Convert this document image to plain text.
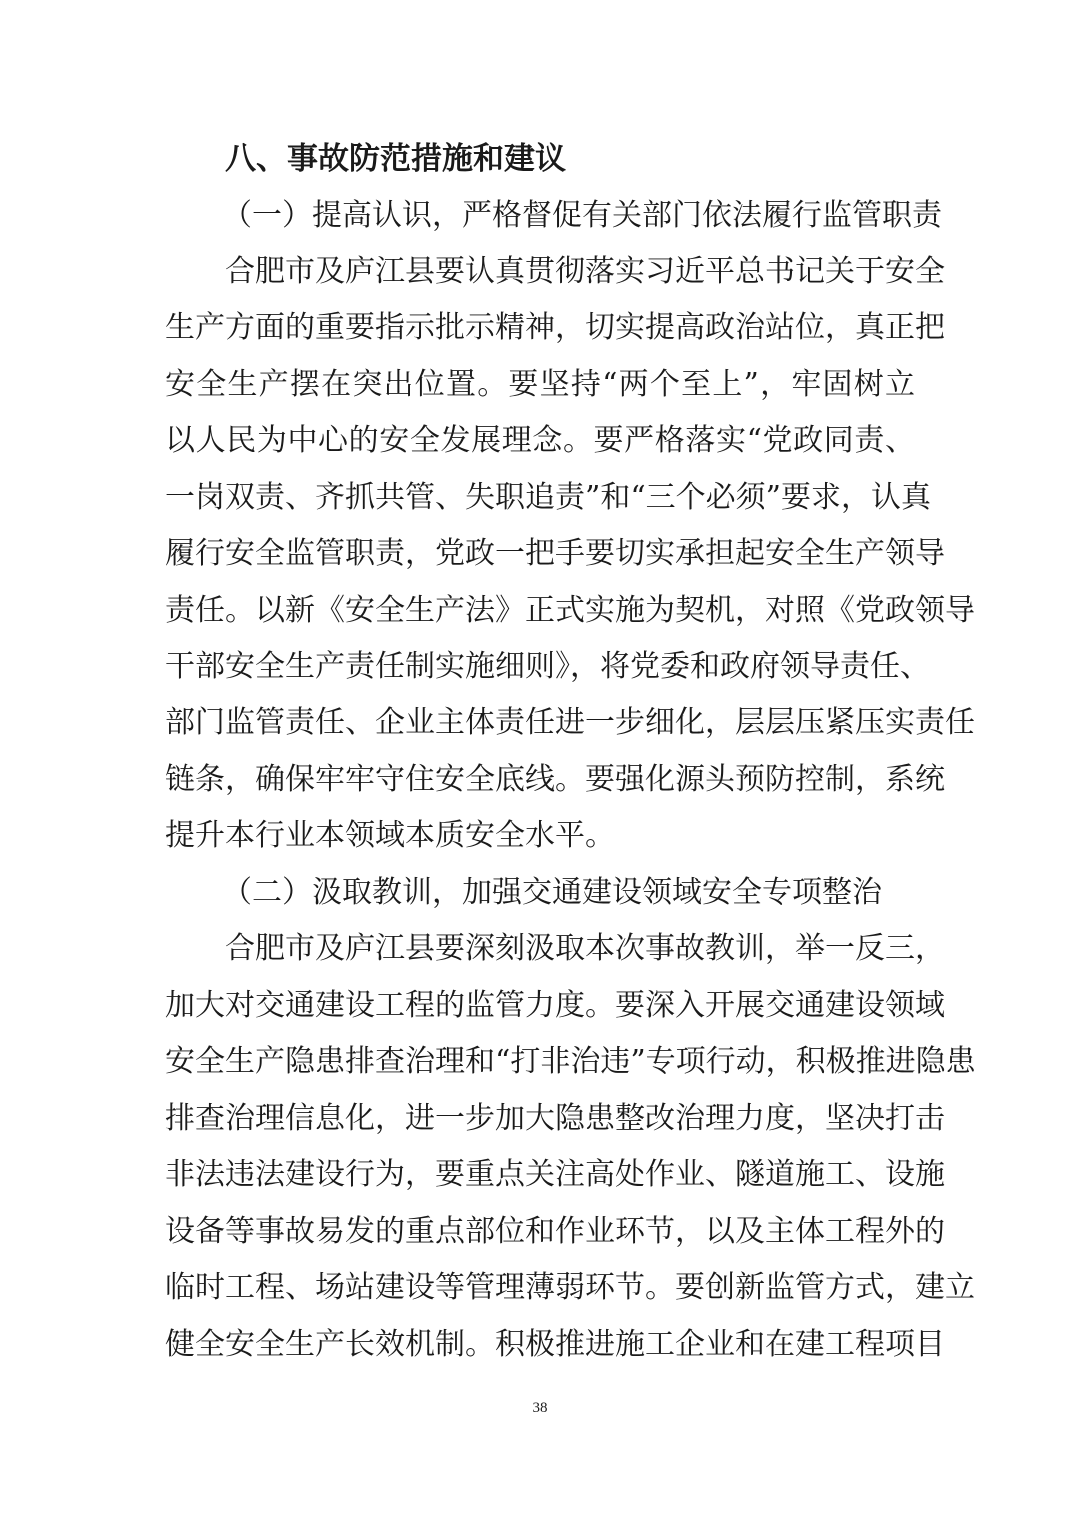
八、事故防范措施和建议
（一）提高认识，严格督促有关部门依法履行监管职责
合肥市及庐江县要认真贯彻落实习近平总书记关于安全
生产方面的重要指示批示精神，切实提高政治站位，真正把
安全生产摆在突出位置。要坚持“两个至上”，牢固树立
以人民为中心的安全发展理念。要严格落实“党政同责、
一岗双责、齐抓共管、失职追责”和“三个必须”要求，认真
履行安全监管职责，党政一把手要切实承担起安全生产领导
责任。以新《安全生产法》正式实施为契机，对照《党政领导
干部安全生产责任制实施细则》，将党委和政府领导责任、
部门监管责任、企业主体责任进一步细化，层层压紧压实责任
链条，确保牢牢守住安全底线。要强化源头预防控制，系统
提升本行业本领域本质安全水平。
（二）汲取教训，加强交通建设领域安全专项整治
合肥市及庐江县要深刻汲取本次事故教训，举一反三，
加大对交通建设工程的监管力度。要深入开展交通建设领域
安全生产隐患排查治理和“打非治违”专项行动，积极推进隐患
排查治理信息化，进一步加大隐患整改治理力度，坚决打击
非法违法建设行为，要重点关注高处作业、隧道施工、设施
设备等事故易发的重点部位和作业环节，以及主体工程外的
临时工程、场站建设等管理薄弱环节。要创新监管方式，建立
健全安全生产长效机制。积极推进施工企业和在建工程项目
38
